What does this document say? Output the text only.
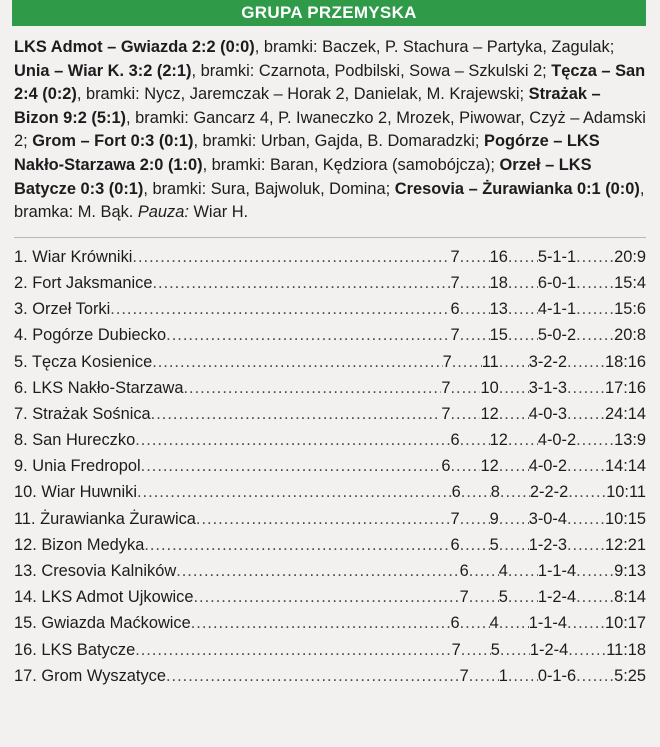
GRUPA PRZEMYSKA
LKS Admot – Gwiazda 2:2 (0:0), bramki: Baczek, P. Stachura – Partyka, Zagulak; Unia – Wiar K. 3:2 (2:1), bramki: Czarnota, Podbilski, Sowa – Szkulski 2; Tęcza – San 2:4 (0:2), bramki: Nycz, Jaremczak – Horak 2, Danielak, M. Krajewski; Strażak – Bizon 9:2 (5:1), bramki: Gancarz 4, P. Iwaneczko 2, Mrozek, Piwowar, Czyż – Adamski 2; Grom – Fort 0:3 (0:1), bramki: Urban, Gajda, B. Domaradzki; Pogórze – LKS Nakło-Starzawa 2:0 (1:0), bramki: Baran, Kędziora (samobójcza); Orzeł – LKS Batycze 0:3 (0:1), bramki: Sura, Bajwoluk, Domina; Cresovia – Żurawianka 0:1 (0:0), bramka: M. Bąk. Pauza: Wiar H.
1. Wiar Krówniki .....	7 ..... 16 ..... 5-1-1 ..... 20:9
2. Fort Jaksmanice .....	7 ..... 18 ..... 6-0-1 ..... 15:4
3. Orzeł Torki .....	6 ..... 13 ..... 4-1-1 ..... 15:6
4. Pogórze Dubiecko .....	7 ..... 15 ..... 5-0-2 ..... 20:8
5. Tęcza Kosienice .....	7 ..... 11 ..... 3-2-2 ..... 18:16
6. LKS Nakło-Starzawa .....	7 ..... 10 ..... 3-1-3 ..... 17:16
7. Strażak Sośnica .....	7 ..... 12 ..... 4-0-3 ..... 24:14
8. San Hureczko .....	6 ..... 12 ..... 4-0-2 ..... 13:9
9. Unia Fredropol .....	6 ..... 12 ..... 4-0-2 ..... 14:14
10. Wiar Huwniki .....	6 ..... 8 ..... 2-2-2 ..... 10:11
11. Żurawianka Żurawica .....	7 ..... 9 ..... 3-0-4 ..... 10:15
12. Bizon Medyka .....	6 ..... 5 ..... 1-2-3 ..... 12:21
13. Cresovia Kalników .....	6 ..... 4 ..... 1-1-4 ..... 9:13
14. LKS Admot Ujkowice .....	7 ..... 5 ..... 1-2-4 ..... 8:14
15. Gwiazda Maćkowice .....	6 ..... 4 ..... 1-1-4 ..... 10:17
16. LKS Batycze .....	7 ..... 5 ..... 1-2-4 ..... 11:18
17. Grom Wyszatyce .....	7 ..... 1 ..... 0-1-6 ..... 5:25
